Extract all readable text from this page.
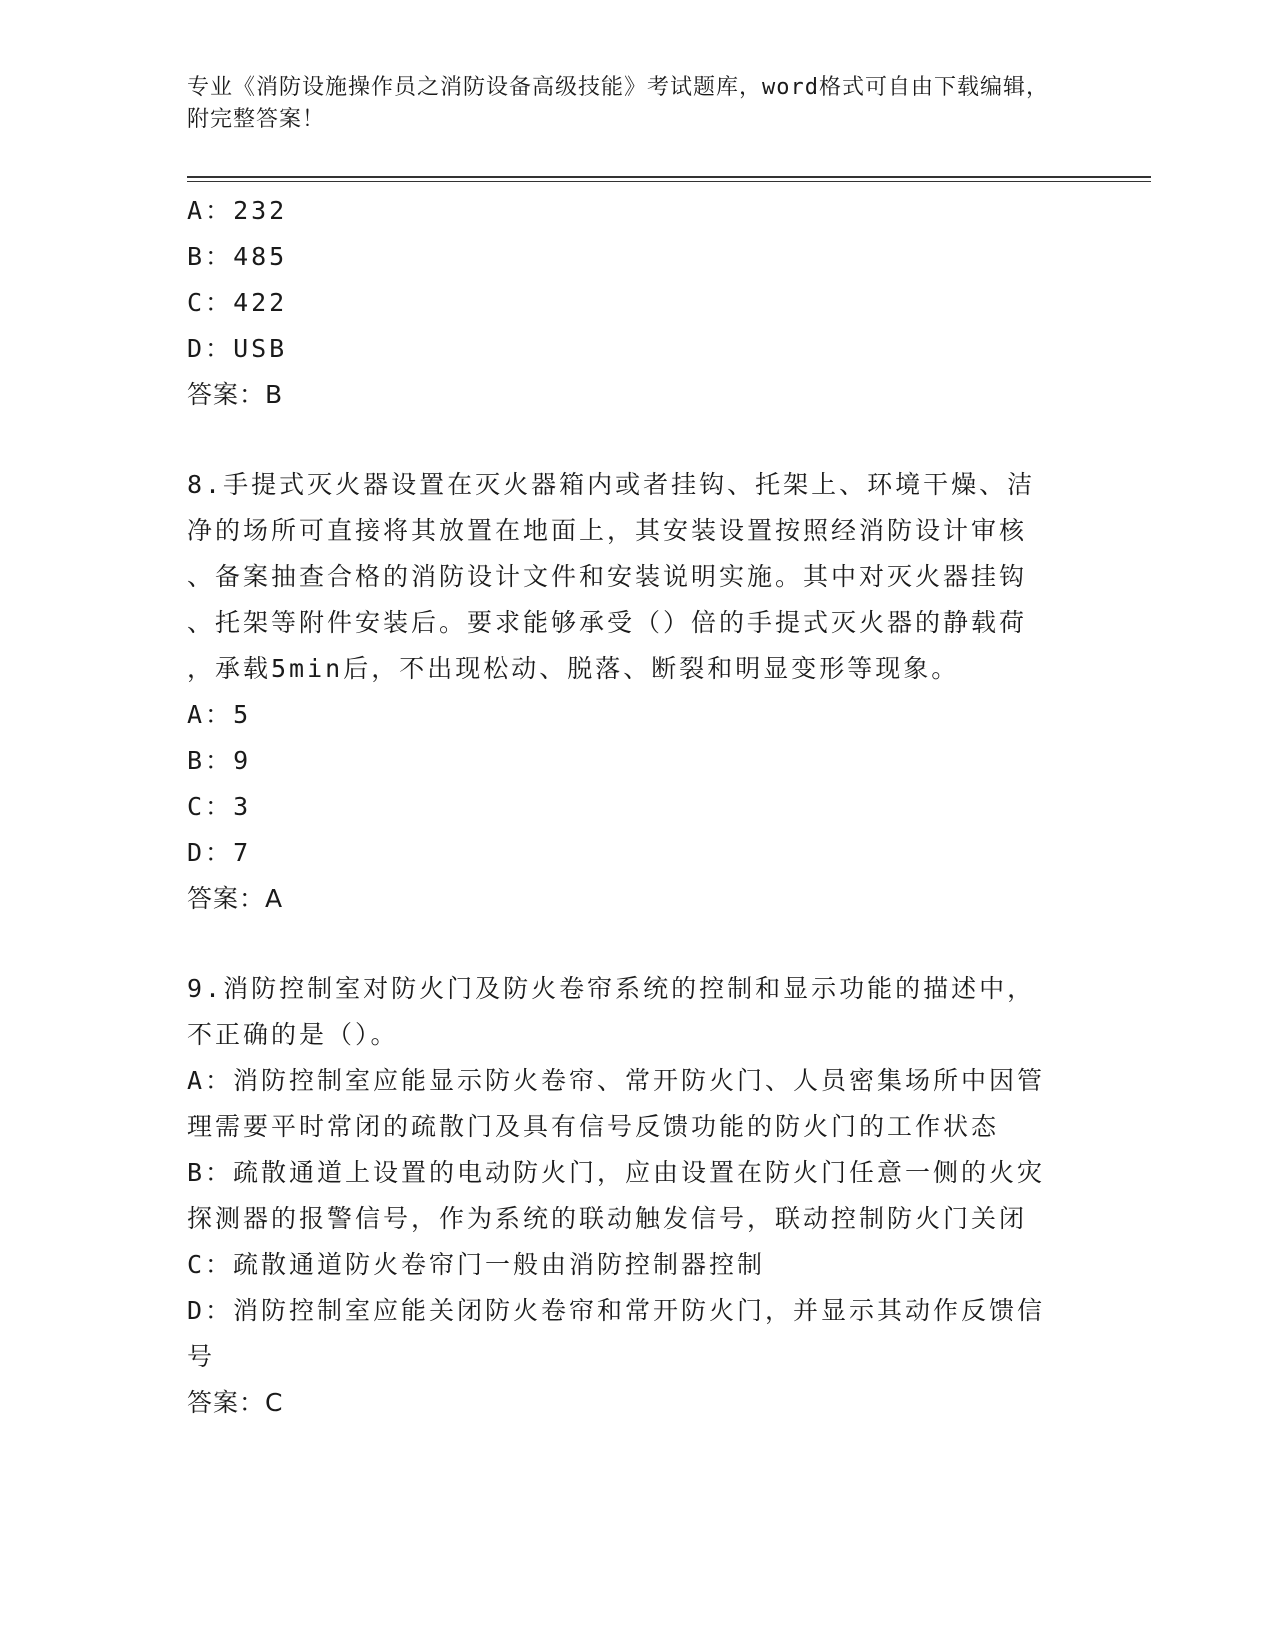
专业《消防设施操作员之消防设备高级技能》考试题库，word格式可自由下载编辑，附完整答案！
A：232
B：485
C：422
D：USB
答案：B
8.手提式灭火器设置在灭火器箱内或者挂钩、托架上、环境干燥、洁
净的场所可直接将其放置在地面上，其安装设置按照经消防设计审核
、备案抽查合格的消防设计文件和安装说明实施。其中对灭火器挂钩
、托架等附件安装后。要求能够承受（）倍的手提式灭火器的静载荷
，承载5min后，不出现松动、脱落、断裂和明显变形等现象。
A：5
B：9
C：3
D：7
答案：A
9.消防控制室对防火门及防火卷帘系统的控制和显示功能的描述中，
不正确的是（）。
A：消防控制室应能显示防火卷帘、常开防火门、人员密集场所中因管
理需要平时常闭的疏散门及具有信号反馈功能的防火门的工作状态
B：疏散通道上设置的电动防火门，应由设置在防火门任意一侧的火灾
探测器的报警信号，作为系统的联动触发信号，联动控制防火门关闭
C：疏散通道防火卷帘门一般由消防控制器控制
D：消防控制室应能关闭防火卷帘和常开防火门，并显示其动作反馈信
号
答案：C
